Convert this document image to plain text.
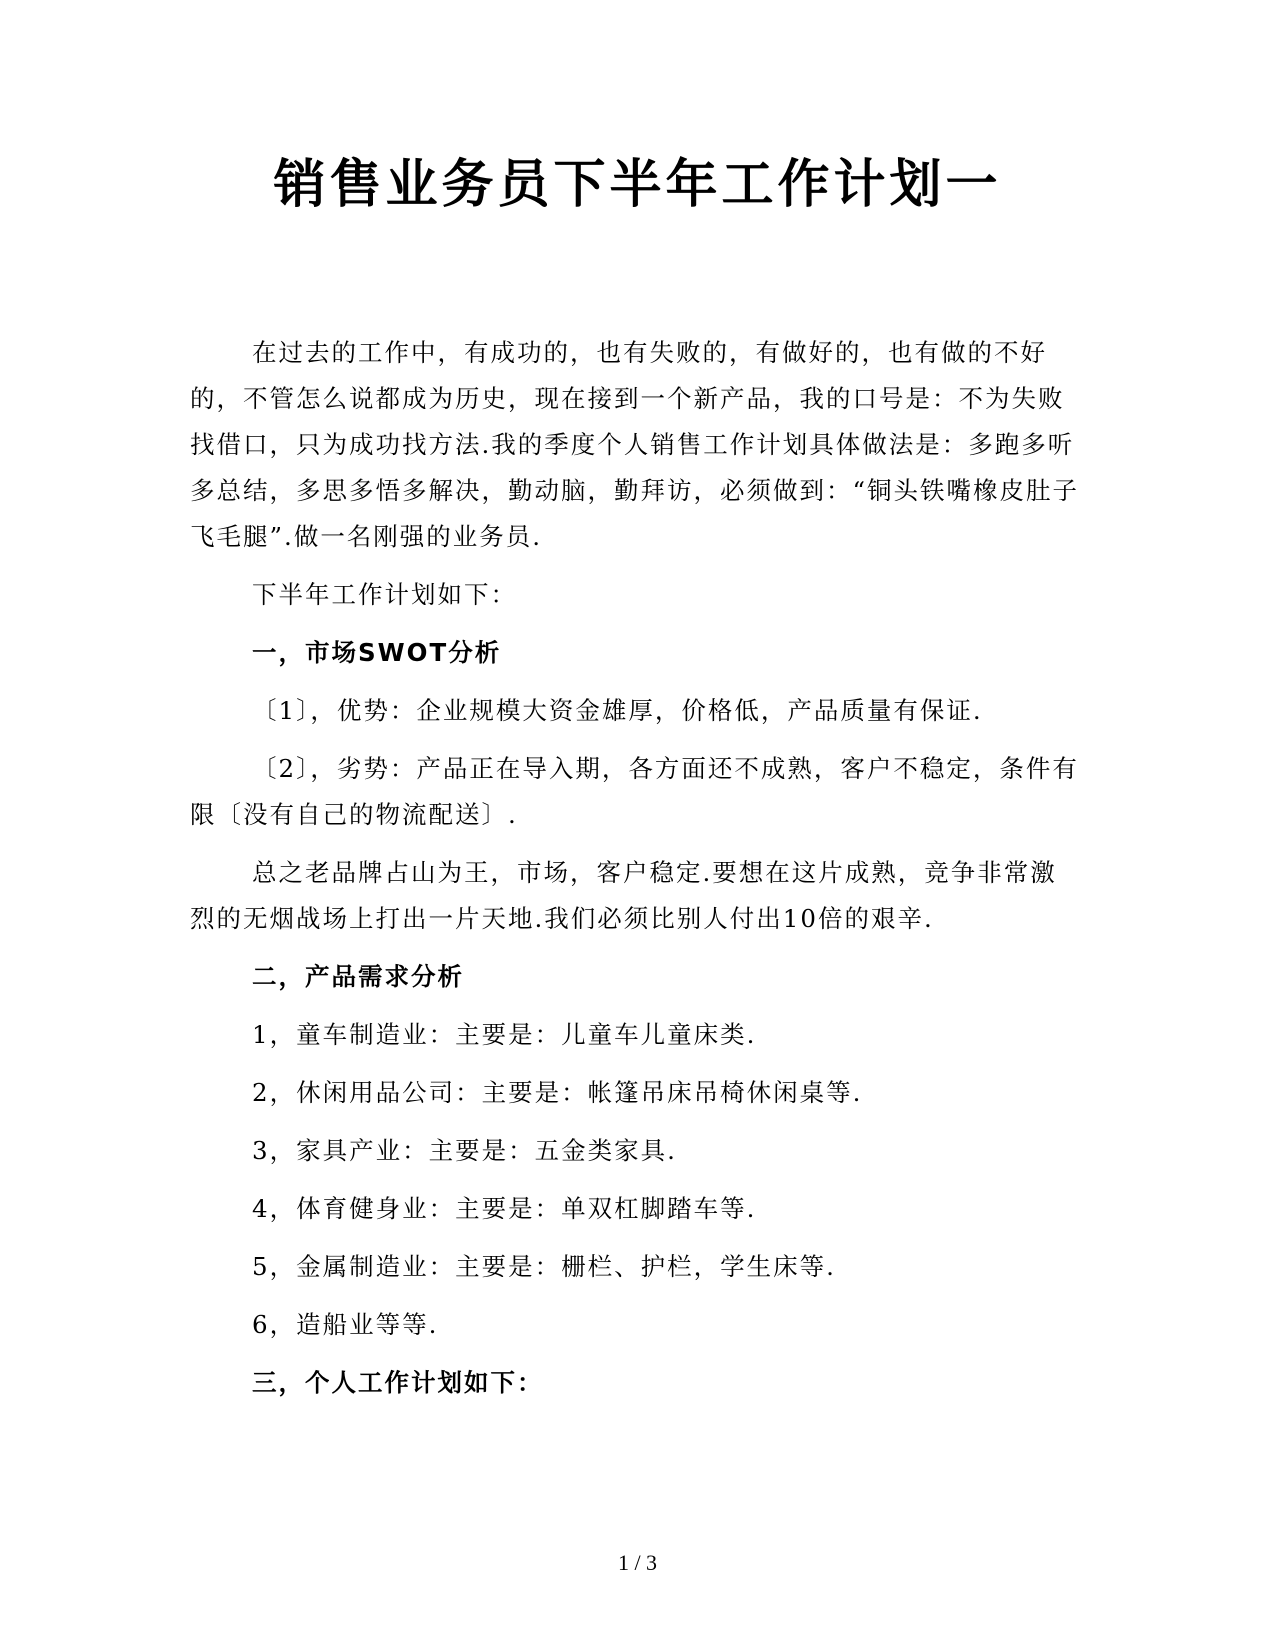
销售业务员下半年工作计划一

在过去的工作中，有成功的，也有失败的，有做好的，也有做的不好的，不管怎么说都成为历史，现在接到一个新产品，我的口号是：不为失败找借口，只为成功找方法.我的季度个人销售工作计划具体做法是：多跑多听多总结，多思多悟多解决，勤动脑，勤拜访，必须做到：“铜头铁嘴橡皮肚子飞毛腿”.做一名刚强的业务员.

下半年工作计划如下：

一，市场SWOT分析

〔1〕，优势：企业规模大资金雄厚，价格低，产品质量有保证.

〔2〕，劣势：产品正在导入期，各方面还不成熟，客户不稳定，条件有限〔没有自己的物流配送〕.

总之老品牌占山为王，市场，客户稳定.要想在这片成熟，竞争非常激烈的无烟战场上打出一片天地.我们必须比别人付出10倍的艰辛.

二，产品需求分析

1，童车制造业：主要是：儿童车儿童床类.

2，休闲用品公司：主要是：帐篷吊床吊椅休闲桌等.

3，家具产业：主要是：五金类家具.

4，体育健身业：主要是：单双杠脚踏车等.

5，金属制造业：主要是：栅栏、护栏，学生床等.

6，造船业等等.

三，个人工作计划如下：

1 / 3
